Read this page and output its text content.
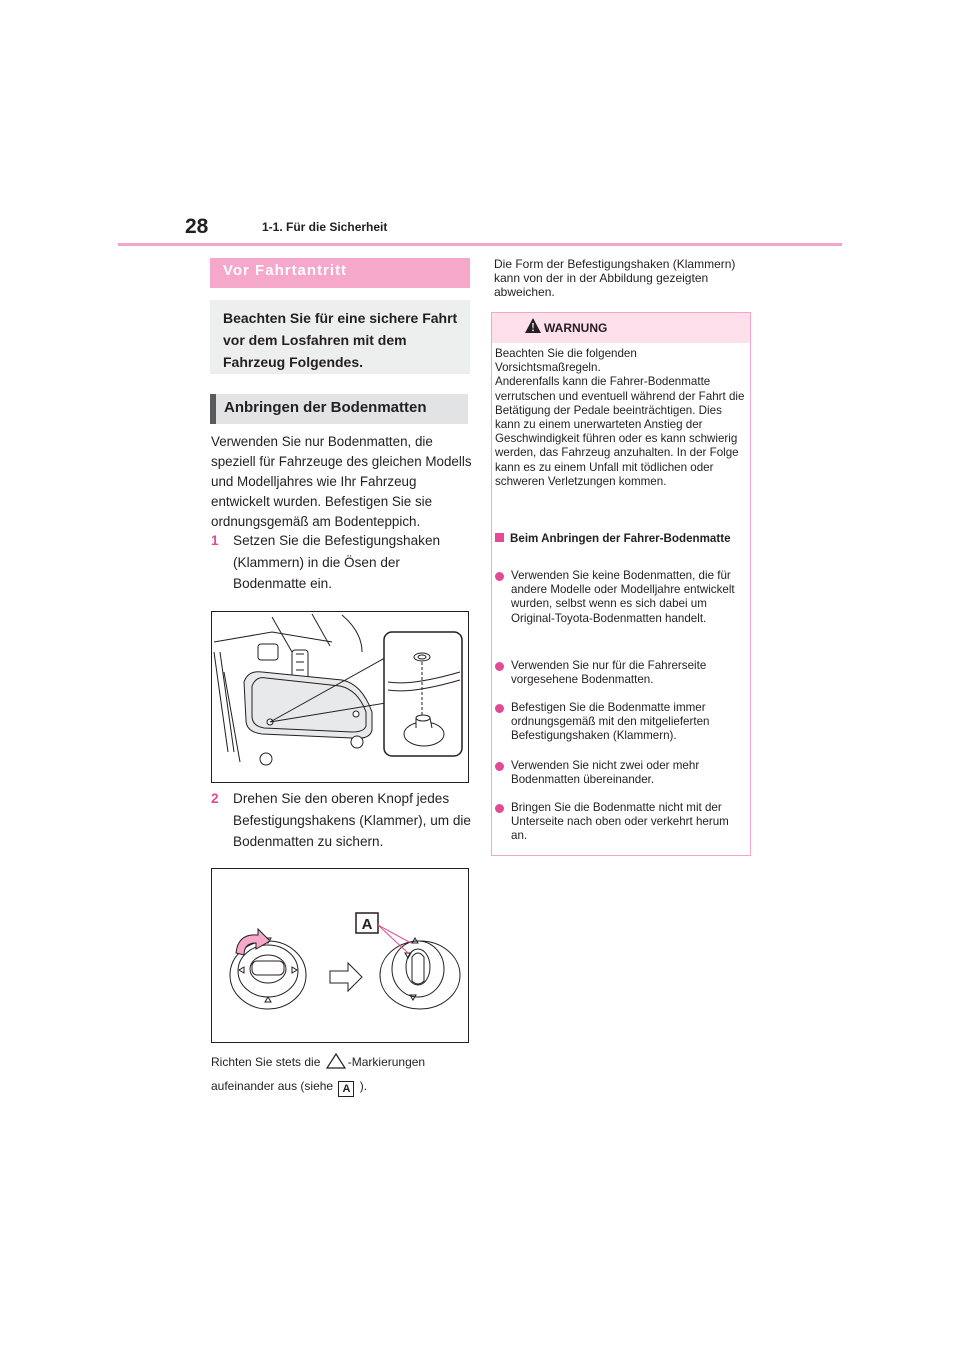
28	1-1. Für die Sicherheit
Vor Fahrtantritt
Beachten Sie für eine sichere Fahrt vor dem Losfahren mit dem Fahrzeug Folgendes.
Anbringen der Bodenmatten
Verwenden Sie nur Bodenmatten, die speziell für Fahrzeuge des gleichen Modells und Modelljahres wie Ihr Fahrzeug entwickelt wurden. Befestigen Sie sie ordnungsgemäß am Bodenteppich.
1 Setzen Sie die Befestigungshaken (Klammern) in die Ösen der Bodenmatte ein.
2 Drehen Sie den oberen Knopf jedes Befestigungshakens (Klammer), um die Bodenmatten zu sichern.
A
Richten Sie stets die -Markierungen aufeinander aus (siehe A ).
Die Form der Befestigungshaken (Klammern) kann von der in der Abbildung gezeigten abweichen.
WARNUNG

Beachten Sie die folgenden Vorsichtsmaßregeln.

Anderenfalls kann die Fahrer-Bodenmatte verrutschen und eventuell während der Fahrt die Betätigung der Pedale beeinträchtigen. Dies kann zu einem unerwarteten Anstieg der Geschwindigkeit führen oder es kann schwierig werden, das Fahrzeug anzuhalten. In der Folge kann es zu einem Unfall mit tödlichen oder schweren Verletzungen kommen.

Beim Anbringen der Fahrer-Bodenmatte
Verwenden Sie keine Bodenmatten, die für andere Modelle oder Modelljahre entwickelt wurden, selbst wenn es sich dabei um Original-Toyota-Bodenmatten handelt.
Verwenden Sie nur für die Fahrerseite vorgesehene Bodenmatten.
Befestigen Sie die Bodenmatte immer ordnungsgemäß mit den mitgelieferten Befestigungshaken (Klammern).
Verwenden Sie nicht zwei oder mehr Bodenmatten übereinander.
Bringen Sie die Bodenmatte nicht mit der Unterseite nach oben oder verkehrt herum an.
